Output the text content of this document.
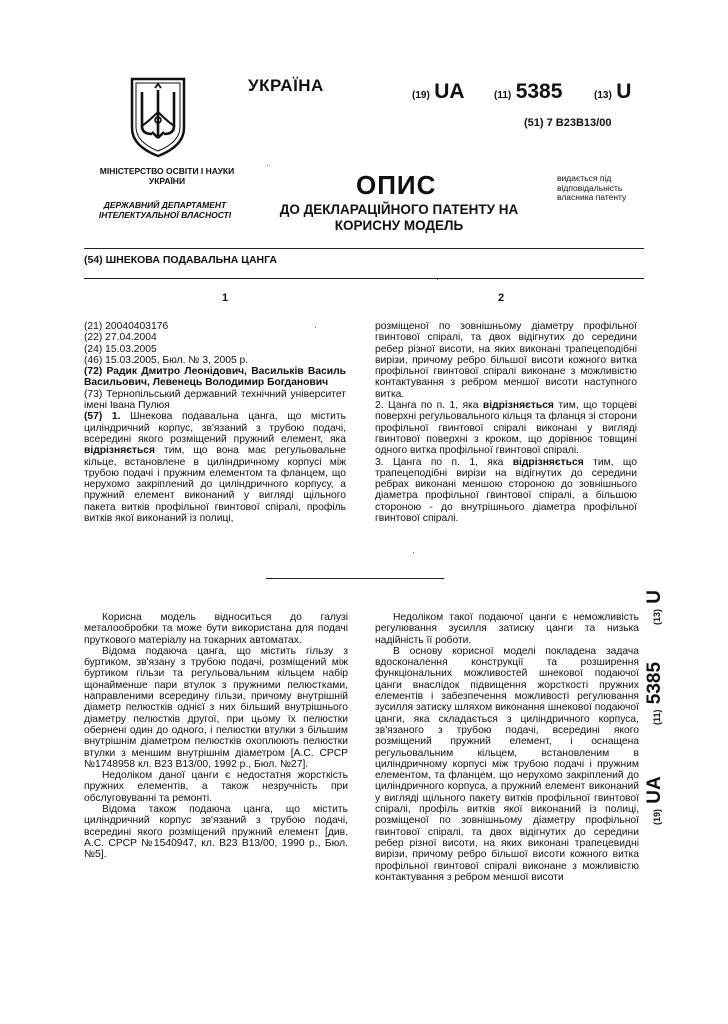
УКРАЇНА
(19) UA	(11) 5385	(13) U
(51) 7 B23B13/00
МІНІСТЕРСТВО ОСВІТИ І НАУКИ УКРАЇНИ
ДЕРЖАВНИЙ ДЕПАРТАМЕНТ ІНТЕЛЕКТУАЛЬНОЇ ВЛАСНОСТІ
ОПИС
ДО ДЕКЛАРАЦІЙНОГО ПАТЕНТУ НА КОРИСНУ МОДЕЛЬ
видається під відповідальність власника патенту
(54) ШНЕКОВА ПОДАВАЛЬНА ЦАНГА
1	2

(21) 20040403176

(22) 27.04.2004

(24) 15.03.2005

(46) 15.03.2005, Бюл. № 3, 2005 р.

(72) Радик Дмитро Леонідович, Васильків Василь Васильович, Левенець Володимир Богданович

(73) Тернопільський державний технічний університет імені Івана Пулюя

(57) 1. Шнекова подавальна цанга, що містить циліндричний корпус, зв'язаний з трубою подачі, всередині якого розміщений пружний елемент, яка відрізняється тим, що вона має регульовальне кільце, встановлене в циліндричному корпусі між трубою подачі і пружним елементом та фланцем, що нерухомо закріплений до циліндричного корпусу, а пружний елемент виконаний у вигляді щільного пакета витків профільної гвинтової спіралі, профіль витків якої виконаний із полиці,

розміщеної по зовнішньому діаметру профільної гвинтової спіралі, та двох відігнутих до середини ребер різної висоти, на яких виконані трапецеподібні вирізи, причому ребро більшої висоти кожного витка профільної гвинтової спіралі виконане з можливістю контактування з ребром меншої висоти наступного витка.

2. Цанга по п. 1, яка відрізняється тим, що торцеві поверхні регульовального кільця та фланця зі сторони профільної гвинтової спіралі виконані у вигляді гвинтової поверхні з кроком, що дорівнює товщині одного витка профільної гвинтової спіралі.

3. Цанга по п. 1, яка відрізняється тим, що трапецеподібні вирізи на відігнутих до середини ребрах виконані меншою стороною до зовнішнього діаметра профільної гвинтової спіралі, а більшою стороною - до внутрішнього діаметра профільної гвинтової спіралі.

Корисна модель відноситься до галузі металообробки та може бути використана для подачі пруткового матеріалу на токарних автоматах.

Відома подаюча цанга, що містить гільзу з буртиком, зв'язану з трубою подачі, розміщений між буртиком гільзи та регульовальним кільцем набір щонайменше пари втулок з пружними пелюстками, направленими всередину гільзи, причому внутрішній діаметр пелюстків однієї з них більший внутрішнього діаметру пелюстків другої, при цьому їх пелюстки обернені один до одного, і пелюстки втулки з більшим внутрішнім діаметром пелюстків охоплюють пелюстки втулки з меншим внутрішнім діаметром [А.С. СРСР №1748958 кл. В23 В13/00, 1992 р., Бюл. №27].

Недоліком даної цанги є недостатня жорсткість пружних елементів, а також незручність при обслуговуванні та ремонті.

Відома також подаюча цанга, що містить циліндричний корпус зв'язаний з трубою подачі, всередині якого розміщений пружний елемент [див. А.С. СРСР №1540947, кл. В23 В13/00, 1990 р., Бюл. №5].

Недоліком такої подаючої цанги є неможливість регулювання зусилля затиску цанги та низька надійність її роботи.

В основу корисної моделі покладена задача вдосконалення конструкції та розширення функціональних можливостей шнекової подаючої цанги внаслідок підвищення жорсткості пружних елементів і забезпечення можливості регулювання зусилля затиску шляхом виконання шнекової подаючої цанги, яка складається з циліндричного корпуса, зв'язаного з трубою подачі, всередині якого розміщений пружний елемент, і оснащена регульовальним кільцем, встановленим в циліндричному корпусі між трубою подачі і пружним елементом, та фланцем, що нерухомо закріплений до циліндричного корпуса, а пружний елемент виконаний у вигляді щільного пакету витків профільної гвинтової спіралі, профіль витків якої виконаний із полиці, розміщеної по зовнішньому діаметру профільної гвинтової спіралі, та двох відігнутих до середини ребер різної висоти, на яких виконані трапецевидні вирізи, причому ребро більшої висоти кожного витка профільної гвинтової спіралі виконане з можливістю контактування з ребром меншої висоти

(19) UA
(11) 5385
(13) U
·
·
·
·
